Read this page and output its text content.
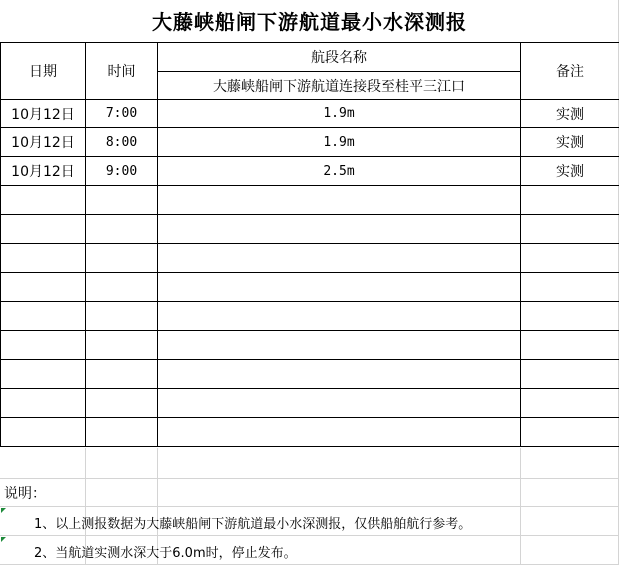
大藤峡船闸下游航道最小水深测报
日期	时间	航段名称	备注
		大藤峡船闸下游航道连接段至桂平三江口	
10月12日	7:00	1.9m	实测
10月12日	8:00	1.9m	实测
10月12日	9:00	2.5m	实测

说明：
1、以上测报数据为大藤峡船闸下游航道最小水深测报，仅供船舶航行参考。
2、当航道实测水深大于6.0m时，停止发布。
